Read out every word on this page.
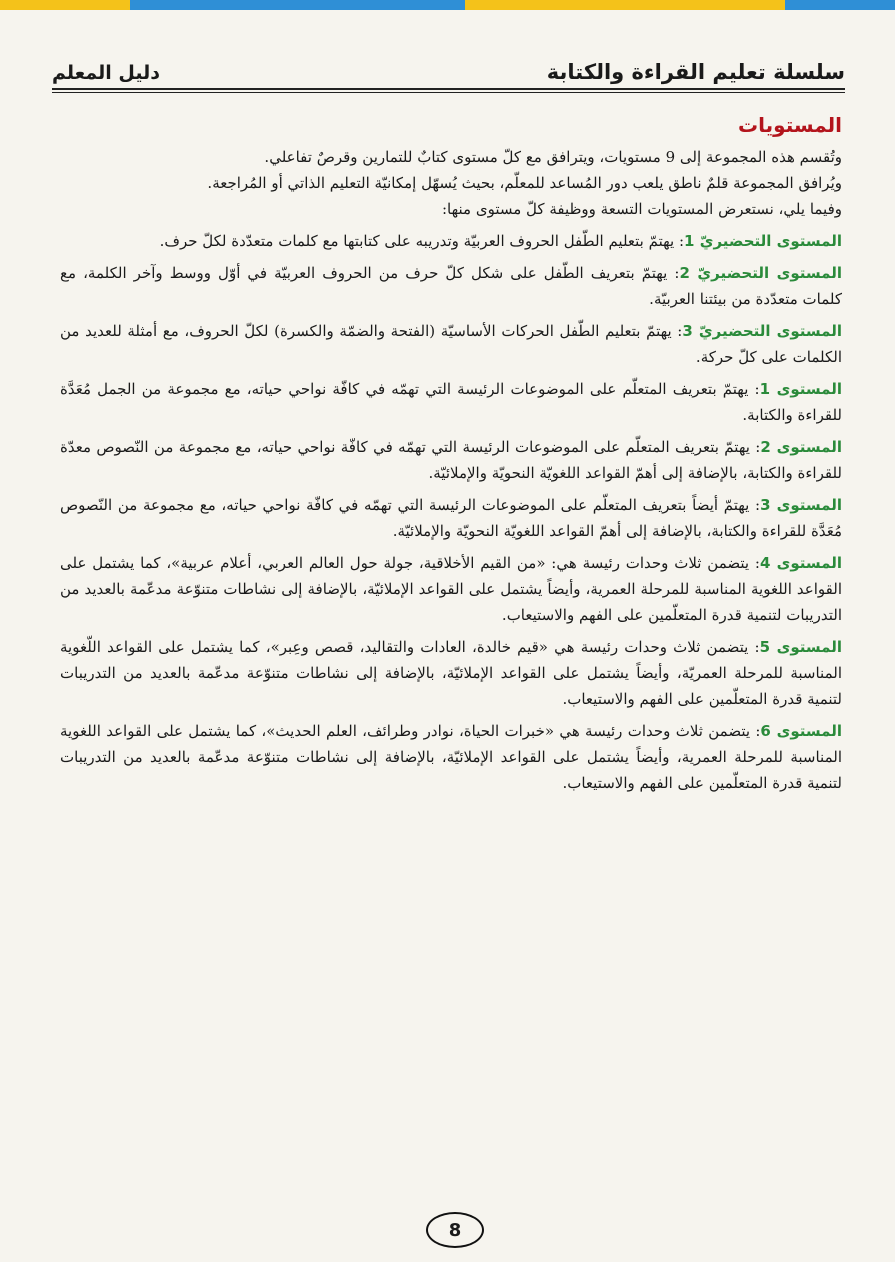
سلسلة تعليم القراءة والكتابة
دليل المعلم
المستويات

وتُقسم هذه المجموعة إلى 9 مستويات، ويترافق مع كلّ مستوى كتابٌ للتمارين وقرصٌ تفاعلي.

ويُرافق المجموعة قلمٌ ناطق يلعب دور المُساعد للمعلّم، بحيث يُسهّل إمكانيّة التعليم الذاتي أو المُراجعة.

وفيما يلي، نستعرض المستويات التسعة ووظيفة كلّ مستوى منها:

المستوى التحضيريّ 1: يهتمّ بتعليم الطّفل الحروف العربيّة وتدريبه على كتابتها مع كلمات متعدّدة لكلّ حرف.

المستوى التحضيريّ 2: يهتمّ بتعريف الطّفل على شكل كلّ حرف من الحروف العربيّة في أوّل ووسط وآخر الكلمة، مع كلمات متعدّدة من بيئتنا العربيّة.

المستوى التحضيريّ 3: يهتمّ بتعليم الطّفل الحركات الأساسيّة (الفتحة والضمّة والكسرة) لكلّ الحروف، مع أمثلة للعديد من الكلمات على كلّ حركة.

المستوى 1: يهتمّ بتعريف المتعلّم على الموضوعات الرئيسة التي تهمّه في كافّة نواحي حياته، مع مجموعة من الجمل مُعَدَّة للقراءة والكتابة.

المستوى 2: يهتمّ بتعريف المتعلّم على الموضوعات الرئيسة التي تهمّه في كافّة نواحي حياته، مع مجموعة من النّصوص معدّة للقراءة والكتابة، بالإضافة إلى أهمّ القواعد اللغويّة النحويّة والإملائيّة.

المستوى 3: يهتمّ أيضاً بتعريف المتعلّم على الموضوعات الرئيسة التي تهمّه في كافّة نواحي حياته، مع مجموعة من النّصوص مُعَدَّة للقراءة والكتابة، بالإضافة إلى أهمّ القواعد اللغويّة النحويّة والإملائيّة.

المستوى 4: يتضمن ثلاث وحدات رئيسة هي: «من القيم الأخلاقية، جولة حول العالم العربي، أعلام عربية»، كما يشتمل على القواعد اللغوية المناسبة للمرحلة العمرية، وأيضاً يشتمل على القواعد الإملائيّة، بالإضافة إلى نشاطات متنوّعة مدعّمة بالعديد من التدريبات لتنمية قدرة المتعلّمين على الفهم والاستيعاب.

المستوى 5: يتضمن ثلاث وحدات رئيسة هي «قيم خالدة، العادات والتقاليد، قصص وعِبر»، كما يشتمل على القواعد اللّغوية المناسبة للمرحلة العمريّة، وأيضاً يشتمل على القواعد الإملائيّة، بالإضافة إلى نشاطات متنوّعة مدعّمة بالعديد من التدريبات لتنمية قدرة المتعلّمين على الفهم والاستيعاب.

المستوى 6: يتضمن ثلاث وحدات رئيسة هي «خبرات الحياة، نوادر وطرائف، العلم الحديث»، كما يشتمل على القواعد اللغوية المناسبة للمرحلة العمرية، وأيضاً يشتمل على القواعد الإملائيّة، بالإضافة إلى نشاطات متنوّعة مدعّمة بالعديد من التدريبات لتنمية قدرة المتعلّمين على الفهم والاستيعاب.

8
